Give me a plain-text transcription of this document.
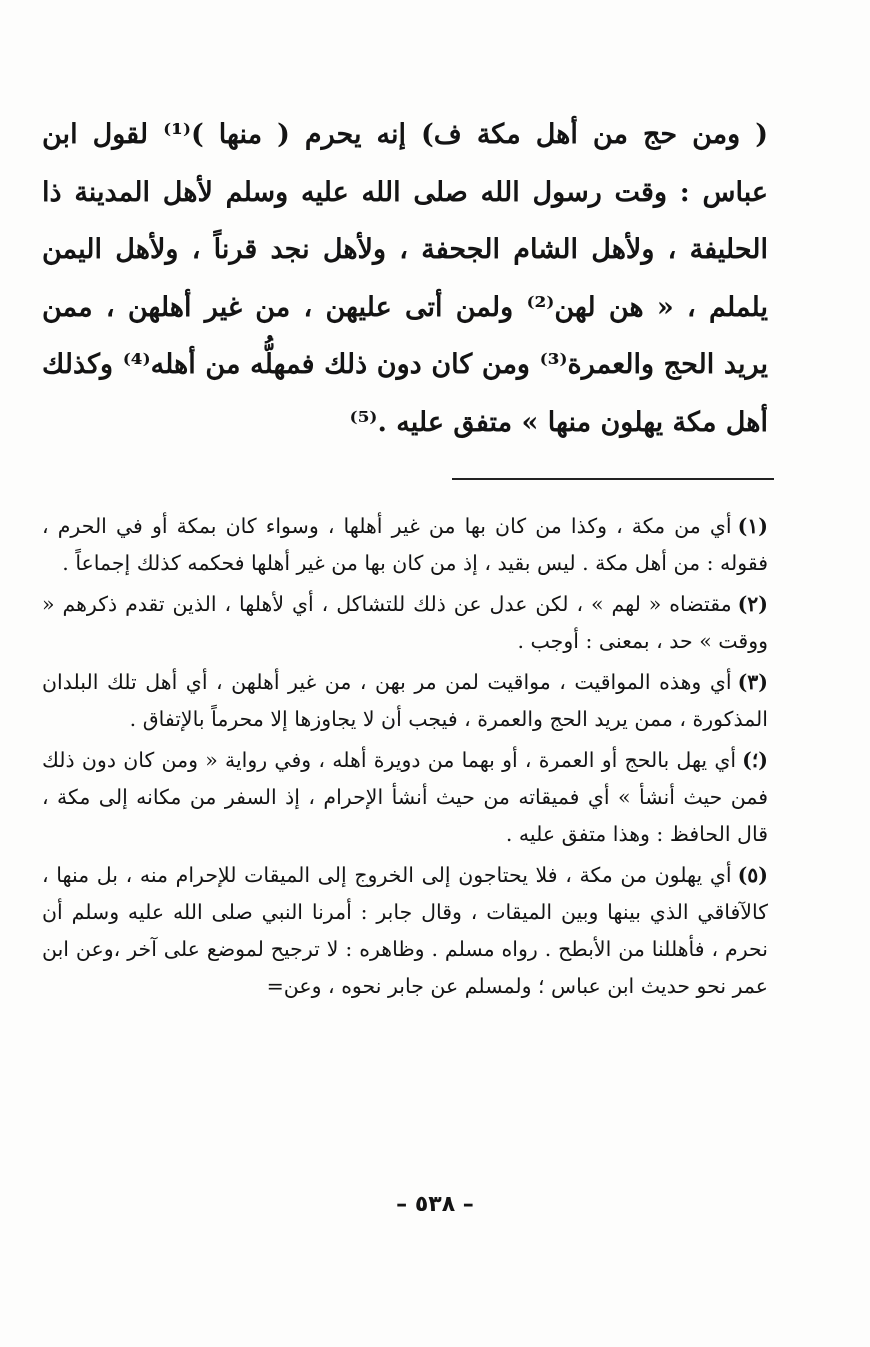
( ومن حج من أهل مكة ف) إنه يحرم ( منها )⁽¹⁾ لقول ابن عباس : وقت رسول الله صلى الله عليه وسلم لأهل المدينة ذا الحليفة ، ولأهل الشام الجحفة ، ولأهل نجد قرناً ، ولأهل اليمن يلملم ، « هن لهن⁽²⁾ ولمن أتى عليهن ، من غير أهلهن ، ممن يريد الحج والعمرة⁽³⁾ ومن كان دون ذلك فمهلُّه من أهله⁽⁴⁾ وكذلك أهل مكة يهلون منها » متفق عليه .⁽⁵⁾

(١)أي من مكة ، وكذا من كان بها من غير أهلها ، وسواء كان بمكة أو في الحرم ، فقوله : من أهل مكة . ليس بقيد ، إذ من كان بها من غير أهلها فحكمه كذلك إجماعاً .

(٢)مقتضاه « لهم » ، لكن عدل عن ذلك للتشاكل ، أي لأهلها ، الذين تقدم ذكرهم « ووقت » حد ، بمعنى : أوجب .

(٣)أي وهذه المواقيت ، مواقيت لمن مر بهن ، من غير أهلهن ، أي أهل تلك البلدان المذكورة ، ممن يريد الحج والعمرة ، فيجب أن لا يجاوزها إلا محرماً بالإتفاق .

(؛)أي يهل بالحج أو العمرة ، أو بهما من دويرة أهله ، وفي رواية « ومن كان دون ذلك فمن حيث أنشأ » أي فميقاته من حيث أنشأ الإحرام ، إذ السفر من مكانه إلى مكة ، قال الحافظ : وهذا متفق عليه .

(٥)أي يهلون من مكة ، فلا يحتاجون إلى الخروج إلى الميقات للإحرام منه ، بل منها ، كالآفاقي الذي بينها وبين الميقات ، وقال جابر : أمرنا النبي صلى الله عليه وسلم أن نحرم ، فأهللنا من الأبطح . رواه مسلم . وظاهره : لا ترجيح لموضع على آخر ،وعن ابن عمر نحو حديث ابن عباس ؛ ولمسلم عن جابر نحوه ، وعن=

– ٥٣٨ –
